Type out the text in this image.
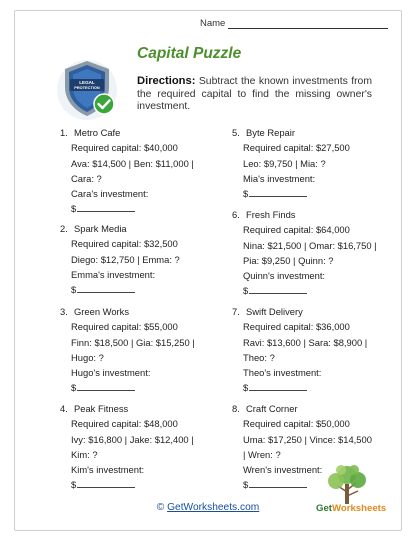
Name
LEGAL
PROTECTION
Capital Puzzle
Directions: Subtract the known investments from the required capital to find the missing owner's investment.
1. Metro Cafe
Required capital: $40,000
Ava: $14,500 | Ben: $11,000 |
Cara: ?
Cara's investment:
$
2. Spark Media
Required capital: $32,500
Diego: $12,750 | Emma: ?
Emma's investment:
$
3. Green Works
Required capital: $55,000
Finn: $18,500 | Gia: $15,250 |
Hugo: ?
Hugo's investment:
$
4. Peak Fitness
Required capital: $48,000
Ivy: $16,800 | Jake: $12,400 |
Kim: ?
Kim's investment:
$
5. Byte Repair
Required capital: $27,500
Leo: $9,750 | Mia: ?
Mia's investment:
$
6. Fresh Finds
Required capital: $64,000
Nina: $21,500 | Omar: $16,750 |
Pia: $9,250 | Quinn: ?
Quinn's investment:
$
7. Swift Delivery
Required capital: $36,000
Ravi: $13,600 | Sara: $8,900 |
Theo: ?
Theo's investment:
$
8. Craft Corner
Required capital: $50,000
Uma: $17,250 | Vince: $14,500
| Wren: ?
Wren's investment:
$
© GetWorksheets.com	GetWorksheets
